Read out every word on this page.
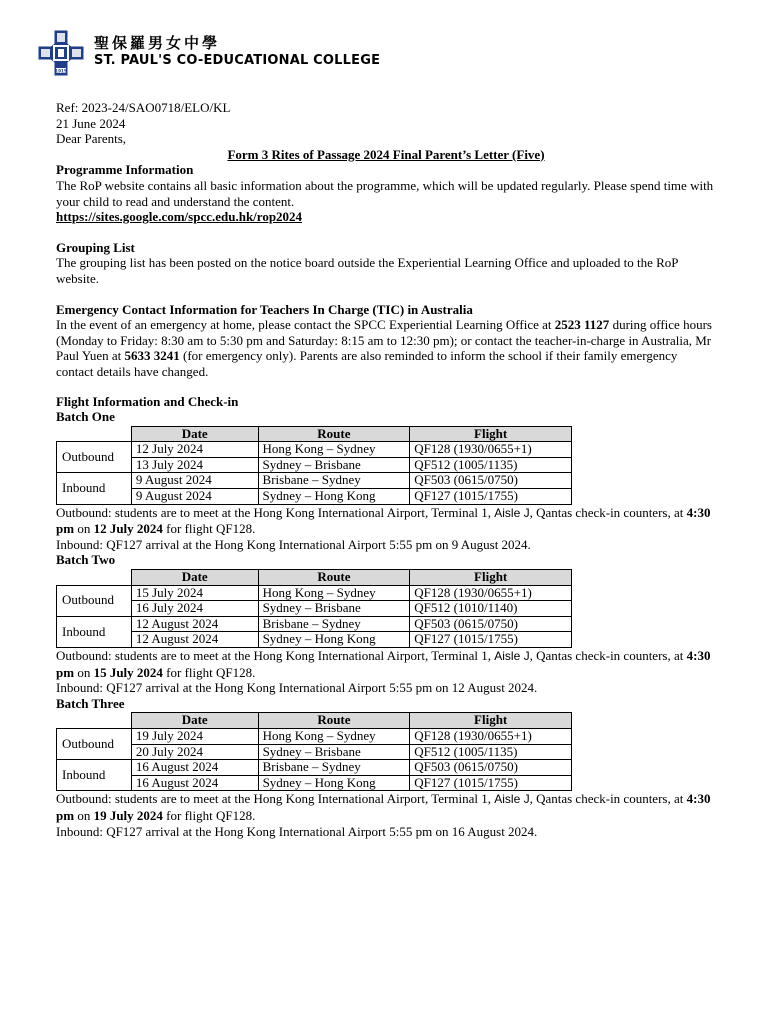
1915
聖保羅男女中學
ST. PAUL'S CO-EDUCATIONAL COLLEGE

Ref: 2023-24/SAO0718/ELO/KL

21 June 2024

Dear Parents,

Form 3 Rites of Passage 2024 Final Parent’s Letter (Five)

Programme Information

The RoP website contains all basic information about the programme, which will be updated regularly. Please spend time with your child to read and understand the content.

https://sites.google.com/spcc.edu.hk/rop2024

Grouping List

The grouping list has been posted on the notice board outside the Experiential Learning Office and uploaded to the RoP website.

Emergency Contact Information for Teachers In Charge (TIC) in Australia

In the event of an emergency at home, please contact the SPCC Experiential Learning Office at 2523 1127 during office hours (Monday to Friday: 8:30 am to 5:30 pm and Saturday: 8:15 am to 12:30 pm); or contact the teacher-in-charge in Australia, Mr Paul Yuen at 5633 3241 (for emergency only). Parents are also reminded to inform the school if their family emergency contact details have changed.

Flight Information and Check-in

Batch One

	Date	Route	Flight
Outbound	12 July 2024	Hong Kong – Sydney	QF128 (1930/0655+1)
	13 July 2024	Sydney – Brisbane	QF512 (1005/1135)
Inbound	9 August 2024	Brisbane – Sydney	QF503 (0615/0750)
	9 August 2024	Sydney – Hong Kong	QF127 (1015/1755)

Outbound: students are to meet at the Hong Kong International Airport, Terminal 1, Aisle J, Qantas check-in counters, at 4:30 pm on 12 July 2024 for flight QF128.

Inbound: QF127 arrival at the Hong Kong International Airport 5:55 pm on 9 August 2024.

Batch Two

	Date	Route	Flight
Outbound	15 July 2024	Hong Kong – Sydney	QF128 (1930/0655+1)
	16 July 2024	Sydney – Brisbane	QF512 (1010/1140)
Inbound	12 August 2024	Brisbane – Sydney	QF503 (0615/0750)
	12 August 2024	Sydney – Hong Kong	QF127 (1015/1755)

Outbound: students are to meet at the Hong Kong International Airport, Terminal 1, Aisle J, Qantas check-in counters, at 4:30 pm on 15 July 2024 for flight QF128.

Inbound: QF127 arrival at the Hong Kong International Airport 5:55 pm on 12 August 2024.

Batch Three

	Date	Route	Flight
Outbound	19 July 2024	Hong Kong – Sydney	QF128 (1930/0655+1)
	20 July 2024	Sydney – Brisbane	QF512 (1005/1135)
Inbound	16 August 2024	Brisbane – Sydney	QF503 (0615/0750)
	16 August 2024	Sydney – Hong Kong	QF127 (1015/1755)

Outbound: students are to meet at the Hong Kong International Airport, Terminal 1, Aisle J, Qantas check-in counters, at 4:30 pm on 19 July 2024 for flight QF128.

Inbound: QF127 arrival at the Hong Kong International Airport 5:55 pm on 16 August 2024.
